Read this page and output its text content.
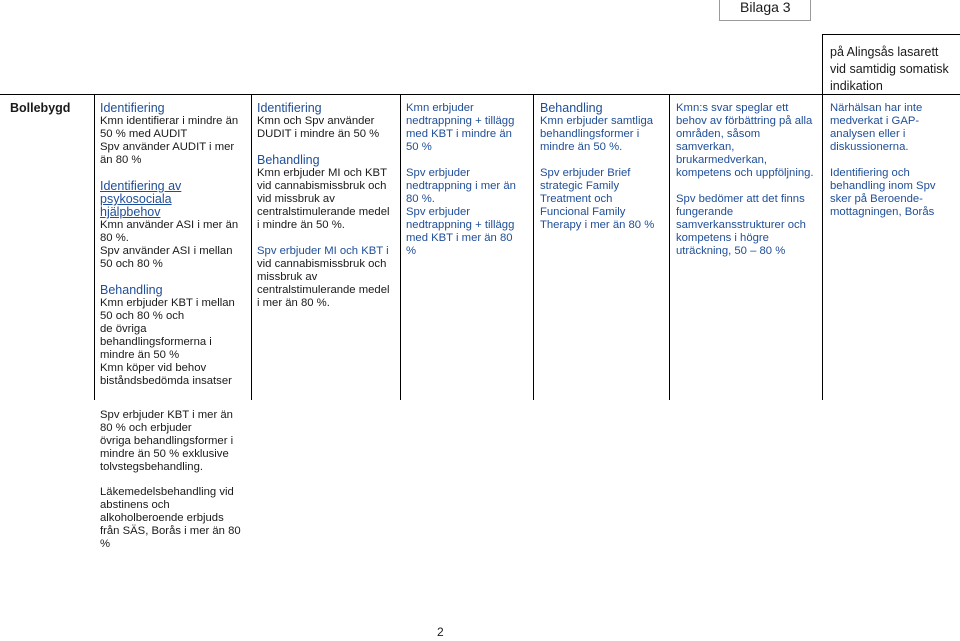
Bilaga 3
på Alingsås lasarett
vid samtidig somatisk
indikation
Bollebygd Identifiering

Kmn identifierar i mindre än

50 % med AUDIT

Spv använder AUDIT i mer

än 80 %

Identifiering av

psykosociala

hjälpbehov

Kmn använder ASI i mer än

80 %.

Spv använder ASI i mellan

50 och 80 %

Behandling

Kmn erbjuder KBT i mellan

50 och 80 % och

de övriga

behandlingsformerna i

mindre än 50 %

Kmn köper vid behov

biståndsbedömda insatser

Spv erbjuder KBT i mer än

80 % och erbjuder

övriga behandlingsformer i

mindre än 50 % exklusive

tolvstegsbehandling.

Läkemedelsbehandling vid

abstinens och

alkoholberoende erbjuds

från SÄS, Borås i mer än 80

%

Identifiering

Kmn och Spv använder

DUDIT i mindre än 50 %

Behandling

Kmn erbjuder MI och KBT

vid cannabismissbruk och

vid missbruk av

centralstimulerande medel

i mindre än 50 %.

Spv erbjuder MI och KBT i

vid cannabismissbruk och

missbruk av

centralstimulerande medel

i mer än 80 %.

Kmn erbjuder

nedtrappning + tillägg

med KBT i mindre än

50 %

Spv erbjuder

nedtrappning i mer än

80 %.

Spv erbjuder

nedtrappning + tillägg

med KBT i mer än 80

%

Behandling

Kmn erbjuder samtliga

behandlingsformer i

mindre än 50 %.

Spv erbjuder Brief

strategic Family

Treatment och

Funcional Family

Therapy i mer än 80 %

Kmn:s svar speglar ett

behov av förbättring på alla

områden, såsom

samverkan,

brukarmedverkan,

kompetens och uppföljning.

Spv bedömer att det finns

fungerande

samverkansstrukturer och

kompetens i högre

uträckning, 50 – 80 %

Närhälsan har inte

medverkat i GAP-

analysen eller i

diskussionerna.

Identifiering och

behandling inom Spv

sker på Beroende-

mottagningen, Borås

2
